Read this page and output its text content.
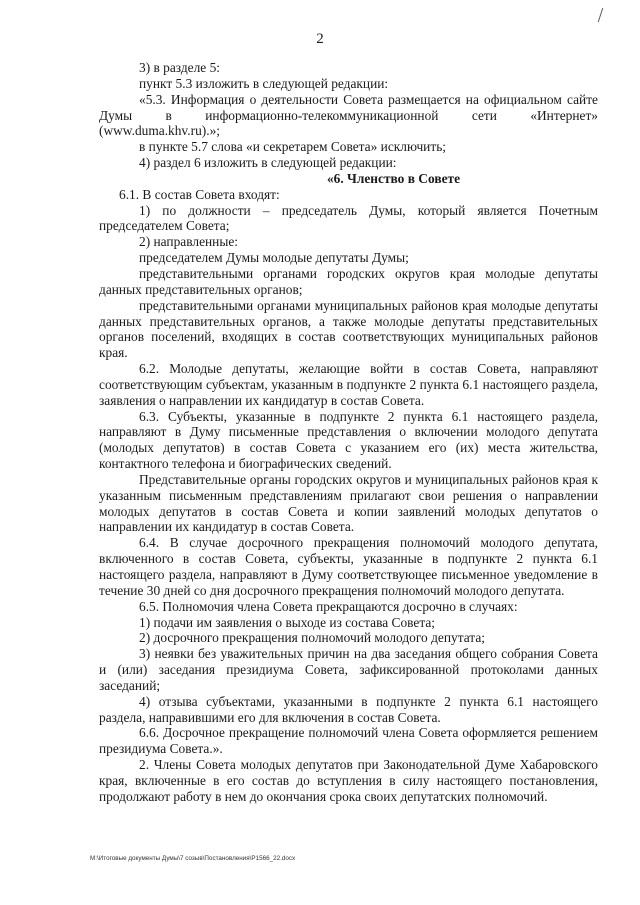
2

3) в разделе 5:

пункт 5.3 изложить в следующей редакции:

«5.3. Информация о деятельности Совета размещается на официальном сайте Думы в информационно-телекоммуникационной сети «Интернет» (www.duma.khv.ru).»;

в пункте 5.7 слова «и секретарем Совета» исключить;

4) раздел 6 изложить в следующей редакции:

«6. Членство в Совете

6.1. В состав Совета входят:

1) по должности – председатель Думы, который является Почетным председателем Совета;

2) направленные:

председателем Думы молодые депутаты Думы;

представительными органами городских округов края молодые депутаты данных представительных органов;

представительными органами муниципальных районов края молодые депутаты данных представительных органов, а также молодые депутаты представительных органов поселений, входящих в состав соответствующих муниципальных районов края.

6.2. Молодые депутаты, желающие войти в состав Совета, направляют соответствующим субъектам, указанным в подпункте 2 пункта 6.1 настоящего раздела, заявления о направлении их кандидатур в состав Совета.

6.3. Субъекты, указанные в подпункте 2 пункта 6.1 настоящего раздела, направляют в Думу письменные представления о включении молодого депутата (молодых депутатов) в состав Совета с указанием его (их) места жительства, контактного телефона и биографических сведений.

Представительные органы городских округов и муниципальных районов края к указанным письменным представлениям прилагают свои решения о направлении молодых депутатов в состав Совета и копии заявлений молодых депутатов о направлении их кандидатур в состав Совета.

6.4. В случае досрочного прекращения полномочий молодого депутата, включенного в состав Совета, субъекты, указанные в подпункте 2 пункта 6.1 настоящего раздела, направляют в Думу соответствующее письменное уведомление в течение 30 дней со дня досрочного прекращения полномочий молодого депутата.

6.5. Полномочия члена Совета прекращаются досрочно в случаях:

1) подачи им заявления о выходе из состава Совета;

2) досрочного прекращения полномочий молодого депутата;

3) неявки без уважительных причин на два заседания общего собрания Совета и (или) заседания президиума Совета, зафиксированной протоколами данных заседаний;

4) отзыва субъектами, указанными в подпункте 2 пункта 6.1 настоящего раздела, направившими его для включения в состав Совета.

6.6. Досрочное прекращение полномочий члена Совета оформляется решением президиума Совета.».

2. Члены Совета молодых депутатов при Законодательной Думе Хабаровского края, включенные в его состав до вступления в силу настоящего постановления, продолжают работу в нем до окончания срока своих депутатских полномочий.

M:\Итоговые документы Думы\7 созыв\Постановления\Р1566_22.docx
